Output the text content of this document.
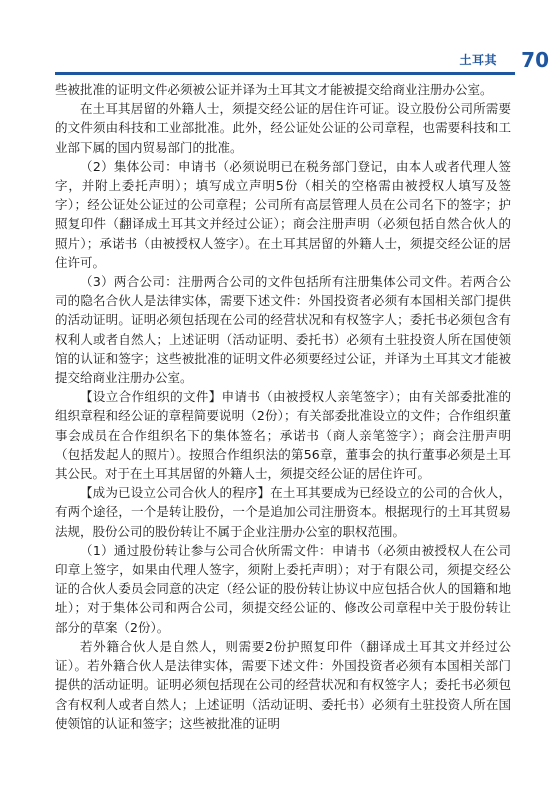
土耳其 70

些被批准的证明文件必须被公证并译为土耳其文才能被提交给商业注册办公室。

在土耳其居留的外籍人士，须提交经公证的居住许可证。设立股份公司所需要的文件须由科技和工业部批准。此外，经公证处公证的公司章程，也需要科技和工业部下属的国内贸易部门的批准。

（2）集体公司：申请书（必须说明已在税务部门登记，由本人或者代理人签字，并附上委托声明）；填写成立声明5份（相关的空格需由被授权人填写及签字）；经公证处公证过的公司章程；公司所有高层管理人员在公司名下的签字；护照复印件（翻译成土耳其文并经过公证）；商会注册声明（必须包括自然合伙人的照片）；承诺书（由被授权人签字）。在土耳其居留的外籍人士，须提交经公证的居住许可。

（3）两合公司：注册两合公司的文件包括所有注册集体公司文件。若两合公司的隐名合伙人是法律实体，需要下述文件：外国投资者必须有本国相关部门提供的活动证明。证明必须包括现在公司的经营状况和有权签字人；委托书必须包含有权利人或者自然人；上述证明（活动证明、委托书）必须有土驻投资人所在国使领馆的认证和签字；这些被批准的证明文件必须要经过公证，并译为土耳其文才能被提交给商业注册办公室。

【设立合作组织的文件】申请书（由被授权人亲笔签字）；由有关部委批准的组织章程和经公证的章程简要说明（2份）；有关部委批准设立的文件；合作组织董事会成员在合作组织名下的集体签名；承诺书（商人亲笔签字）；商会注册声明（包括发起人的照片）。按照合作组织法的第56章，董事会的执行董事必须是土耳其公民。对于在土耳其居留的外籍人士，须提交经公证的居住许可。

【成为已设立公司合伙人的程序】在土耳其要成为已经设立的公司的合伙人，有两个途径，一个是转让股份，一个是追加公司注册资本。根据现行的土耳其贸易法规，股份公司的股份转让不属于企业注册办公室的职权范围。

（1）通过股份转让参与公司合伙所需文件：申请书（必须由被授权人在公司印章上签字，如果由代理人签字，须附上委托声明）；对于有限公司，须提交经公证的合伙人委员会同意的决定（经公证的股份转让协议中应包括合伙人的国籍和地址）；对于集体公司和两合公司，须提交经公证的、修改公司章程中关于股份转让部分的草案（2份）。

若外籍合伙人是自然人，则需要2份护照复印件（翻译成土耳其文并经过公证）。若外籍合伙人是法律实体，需要下述文件：外国投资者必须有本国相关部门提供的活动证明。证明必须包括现在公司的经营状况和有权签字人；委托书必须包含有权利人或者自然人；上述证明（活动证明、委托书）必须有土驻投资人所在国使领馆的认证和签字；这些被批准的证明
